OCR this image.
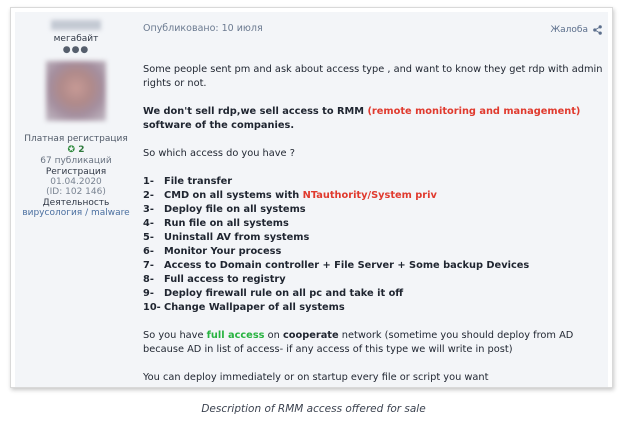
мегабайт
●●●
Платная регистрация
✪ 2
67 публикаций
Регистрация
01.04.2020
(ID: 102 146)
Деятельность
вирусология / malware
Опубликовано: 10 июля	Жалоба

Some people sent pm and ask about access type , and want to know they get rdp with admin rights or not.

We don't sell rdp,we sell access to RMM (remote monitoring and management) software of the companies.

So which access do you have ?

1-	File transfer
2-	CMD on all systems with NTauthority/System priv
3-	Deploy file on all systems
4-	Run file on all systems
5-	Uninstall AV from systems
6-	Monitor Your process
7-	Access to Domain controller + File Server + Some backup Devices
8-	Full access to registry
9-	Deploy firewall rule on all pc and take it off
10- Change Wallpaper of all systems

So you have full access on cooperate network (sometime you should deploy from AD because AD in list of access- if any access of this type we will write in post)

You can deploy immediately or on startup every file or script you want

Description of RMM access offered for sale
